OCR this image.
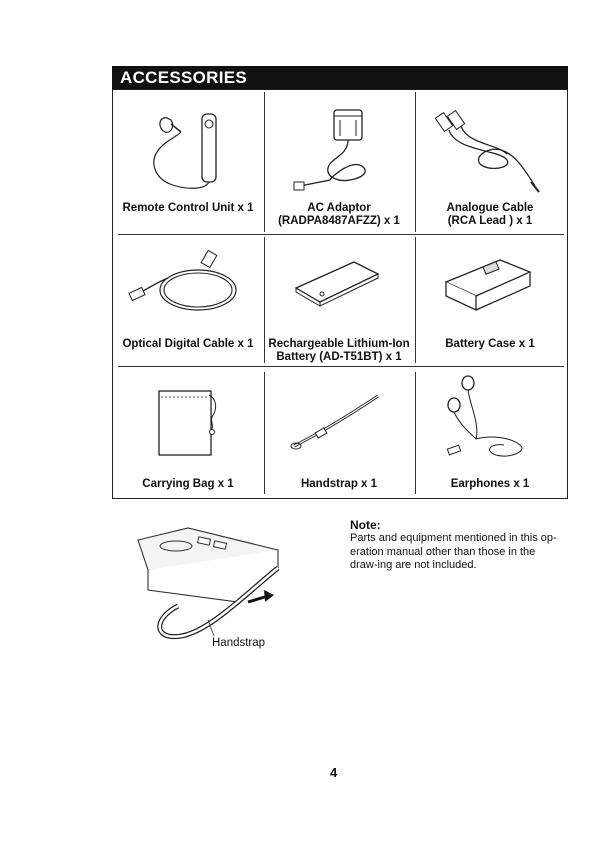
ACCESSORIES
Remote Control Unit x 1	AC Adaptor
(RADPA8487AFZZ) x 1
Analogue Cable
(RCA Lead ) x 1
Optical Digital Cable x 1	Rechargeable Lithium-Ion
Battery (AD-T51BT) x 1
Battery Case x 1
Carrying Bag x 1	Handstrap x 1	Earphones x 1
Handstrap
Note:
Parts and equipment mentioned in this op-eration manual other than those in the draw-ing are not included.
4
